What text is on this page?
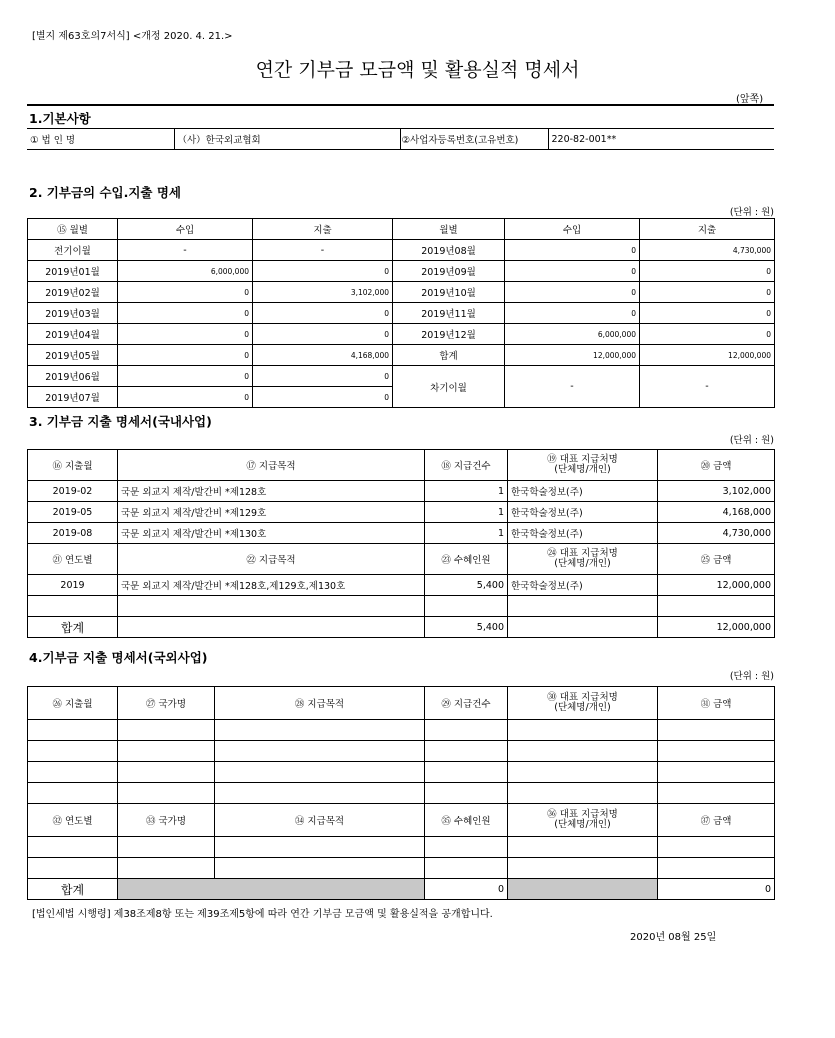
[별지 제63호의7서식] <개정 2020. 4. 21.>
연간 기부금 모금액 및 활용실적 명세서
(앞쪽)
1.기본사항
① 법 인 명	（사）한국외교협회	②사업자등록번호(고유번호)	220-82-001**
2. 기부금의 수입.지출 명세
(단위 : 원)
⑮ 월별	수입	지출	월별	수입	지출
전기이월	-	-	2019년08월	0	4,730,000
2019년01월	6,000,000	0	2019년09월	0	0
2019년02월	0	3,102,000	2019년10월	0	0
2019년03월	0	0	2019년11월	0	0
2019년04월	0	0	2019년12월	6,000,000	0
2019년05월	0	4,168,000	합계	12,000,000	12,000,000
2019년06월	0	0	차기이월	-	-
2019년07월	0	0			
3. 기부금 지출 명세서(국내사업)
(단위 : 원)
⑯ 지출월	⑰ 지급목적	⑱ 지급건수	⑲ 대표 지급처명
(단체명/개인)	⑳ 금액
2019-02	국문 외교지 제작/발간비 *제128호	1	한국학술정보(주)	3,102,000
2019-05	국문 외교지 제작/발간비 *제129호	1	한국학술정보(주)	4,168,000
2019-08	국문 외교지 제작/발간비 *제130호	1	한국학술정보(주)	4,730,000
㉑ 연도별	㉒ 지급목적	㉓ 수혜인원	㉔ 대표 지급처명
(단체명/개인)	㉕ 금액
2019	국문 외교지 제작/발간비 *제128호,제129호,제130호	5,400	한국학술정보(주)	12,000,000

합계		5,400		12,000,000
4.기부금 지출 명세서(국외사업)
(단위 : 원)
㉖ 지출월	㉗ 국가명	㉘ 지급목적	㉙ 지급건수	㉚ 대표 지급처명
(단체명/개인)	㉛ 금액

㉜ 연도별	㉝ 국가명	㉞ 지급목적	㉟ 수혜인원	㊱ 대표 지급처명
(단체명/개인)	㊲ 금액

합계			0		0
[법인세법 시행령] 제38조제8항 또는 제39조제5항에 따라 연간 기부금 모금액 및 활용실적을 공개합니다.
2020년 08월 25일
